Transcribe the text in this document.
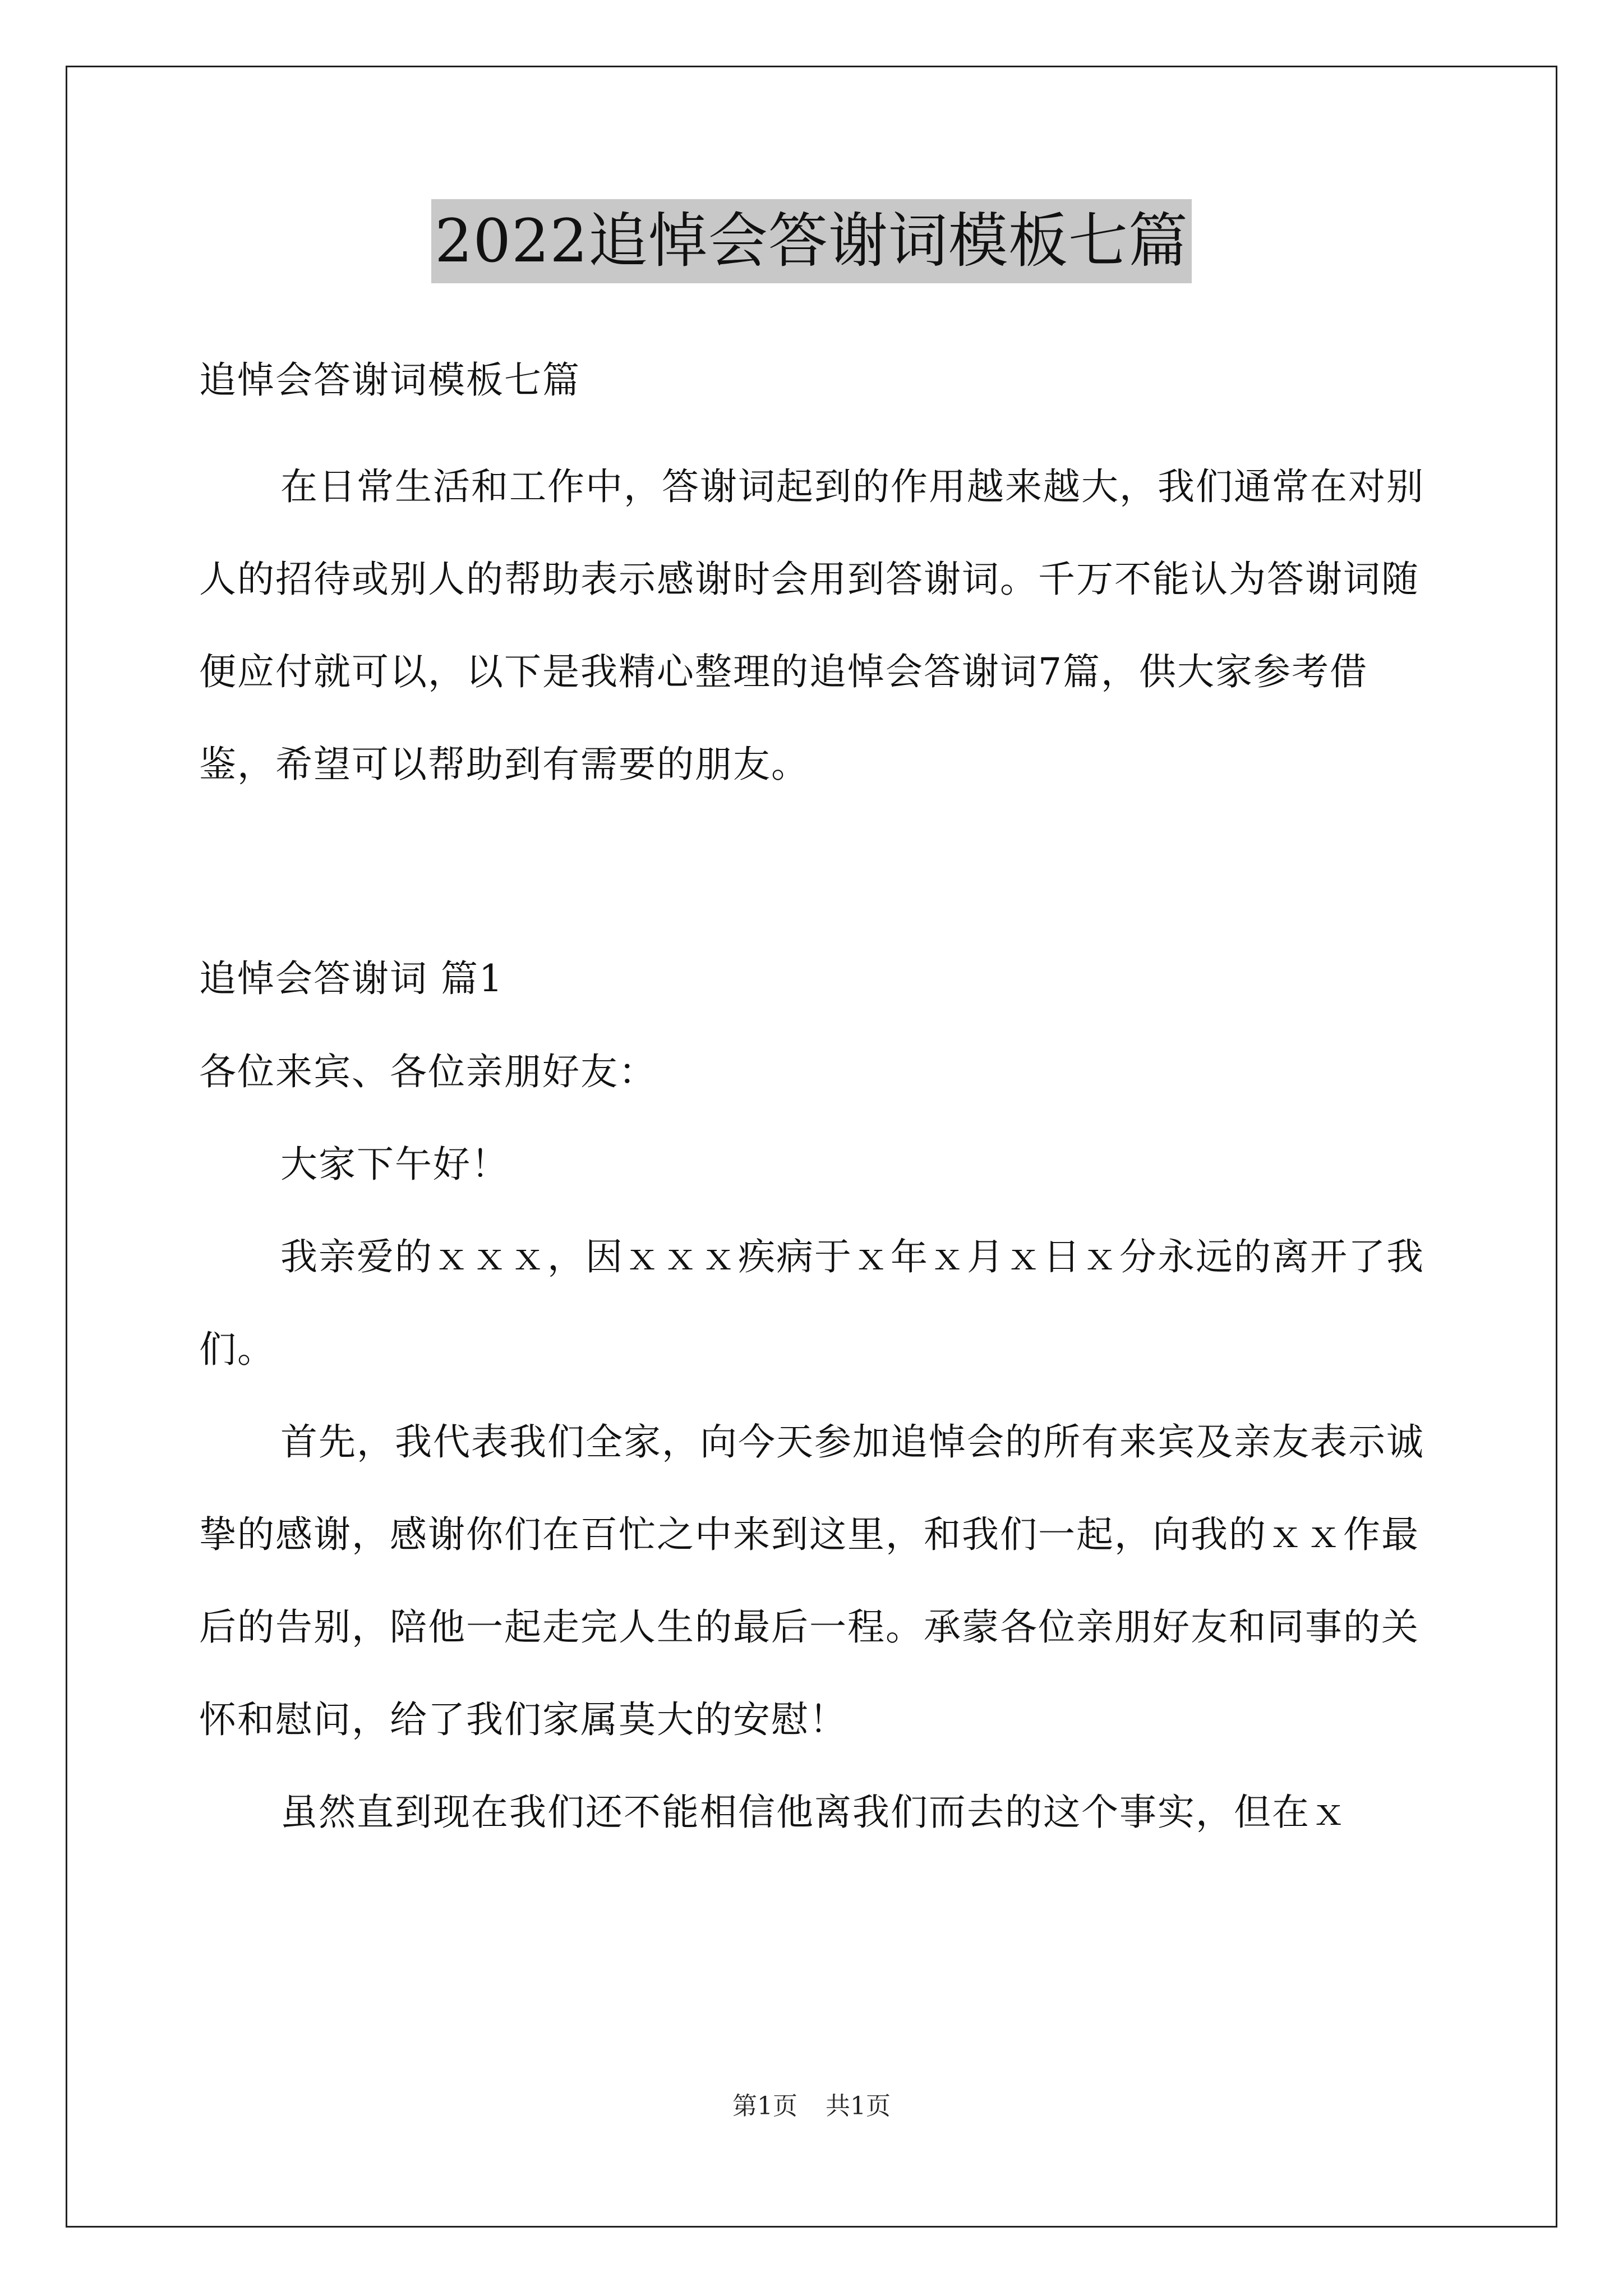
2022追悼会答谢词模板七篇

追悼会答谢词模板七篇

在日常生活和工作中，答谢词起到的作用越来越大，我们通常在对别人的招待或别人的帮助表示感谢时会用到答谢词。千万不能认为答谢词随便应付就可以，以下是我精心整理的追悼会答谢词7篇，供大家参考借鉴，希望可以帮助到有需要的朋友。

追悼会答谢词 篇1

各位来宾、各位亲朋好友：

大家下午好！

我亲爱的ｘｘｘ，因ｘｘｘ疾病于ｘ年ｘ月ｘ日ｘ分永远的离开了我们。

首先，我代表我们全家，向今天参加追悼会的所有来宾及亲友表示诚挚的感谢，感谢你们在百忙之中来到这里，和我们一起，向我的ｘｘ作最后的告别，陪他一起走完人生的最后一程。承蒙各位亲朋好友和同事的关怀和慰问，给了我们家属莫大的安慰！

虽然直到现在我们还不能相信他离我们而去的这个事实，但在ｘ

第1页 共1页
